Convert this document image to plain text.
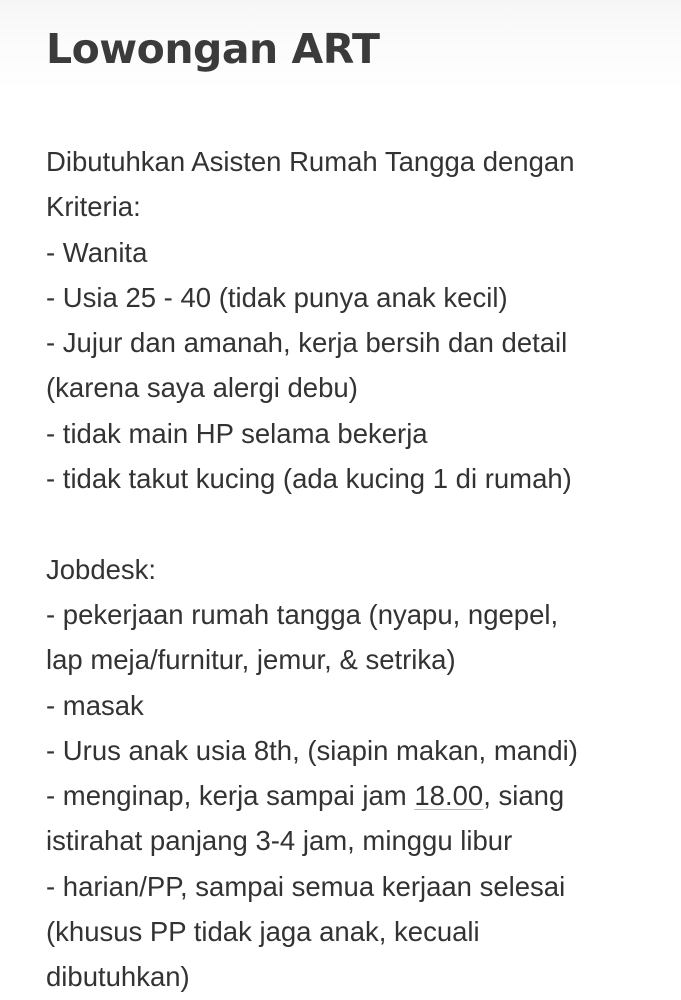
Lowongan ART
Dibutuhkan Asisten Rumah Tangga dengan
Kriteria:
- Wanita
- Usia 25 - 40 (tidak punya anak kecil)
- Jujur dan amanah, kerja bersih dan detail
(karena saya alergi debu)
- tidak main HP selama bekerja
- tidak takut kucing (ada kucing 1 di rumah)
Jobdesk:
- pekerjaan rumah tangga (nyapu, ngepel,
lap meja/furnitur, jemur, & setrika)
- masak
- Urus anak usia 8th, (siapin makan, mandi)
- menginap, kerja sampai jam 18.00, siang
istirahat panjang 3-4 jam, minggu libur
- harian/PP, sampai semua kerjaan selesai
(khusus PP tidak jaga anak, kecuali
dibutuhkan)
